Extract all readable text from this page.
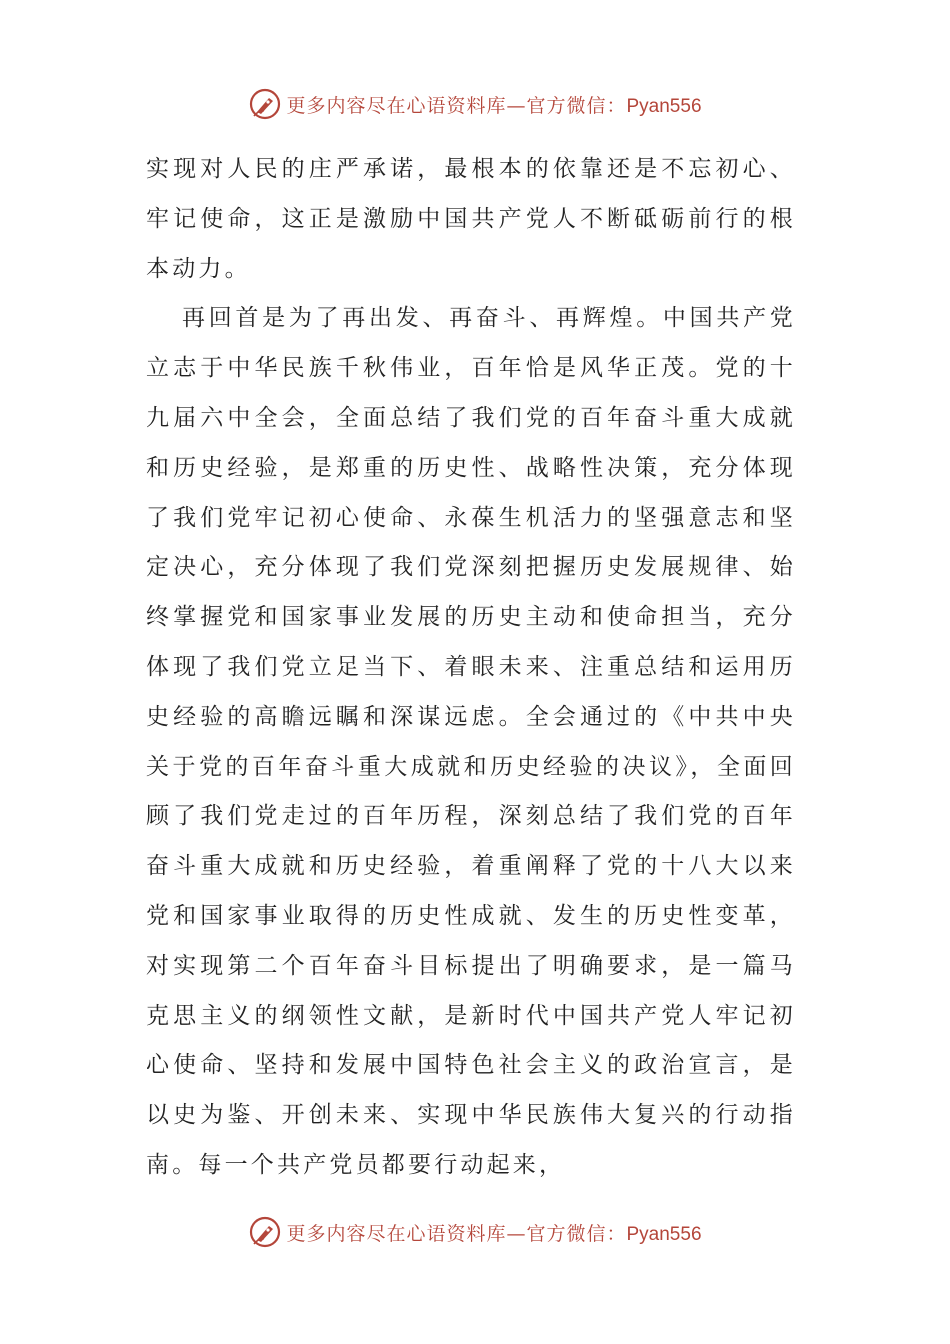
更多内容尽在心语资料库—官方微信：Pyan556

实现对人民的庄严承诺，最根本的依靠还是不忘初心、牢记使命，这正是激励中国共产党人不断砥砺前行的根本动力。

再回首是为了再出发、再奋斗、再辉煌。中国共产党立志于中华民族千秋伟业，百年恰是风华正茂。党的十九届六中全会，全面总结了我们党的百年奋斗重大成就和历史经验，是郑重的历史性、战略性决策，充分体现了我们党牢记初心使命、永葆生机活力的坚强意志和坚定决心，充分体现了我们党深刻把握历史发展规律、始终掌握党和国家事业发展的历史主动和使命担当，充分体现了我们党立足当下、着眼未来、注重总结和运用历史经验的高瞻远瞩和深谋远虑。全会通过的《中共中央关于党的百年奋斗重大成就和历史经验的决议》，全面回顾了我们党走过的百年历程，深刻总结了我们党的百年奋斗重大成就和历史经验，着重阐释了党的十八大以来党和国家事业取得的历史性成就、发生的历史性变革，对实现第二个百年奋斗目标提出了明确要求，是一篇马克思主义的纲领性文献，是新时代中国共产党人牢记初心使命、坚持和发展中国特色社会主义的政治宣言，是以史为鉴、开创未来、实现中华民族伟大复兴的行动指南。每一个共产党员都要行动起来，

更多内容尽在心语资料库—官方微信：Pyan556
